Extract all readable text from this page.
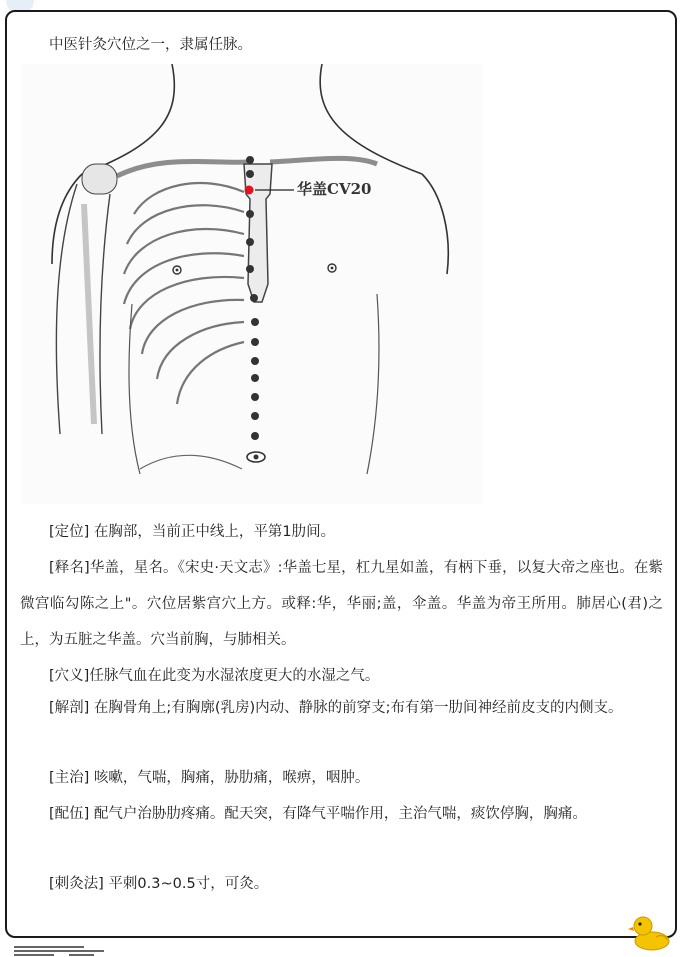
中医针灸穴位之一，隶属任脉。

华盖CV20

[定位] 在胸部，当前正中线上，平第1肋间。

[释名]华盖，星名。《宋史·天文志》:华盖七星，杠九星如盖，有柄下垂，以复大帝之座也。在紫微宫临勾陈之上"。穴位居紫宫穴上方。或释:华，华丽;盖，伞盖。华盖为帝王所用。肺居心(君)之上，为五脏之华盖。穴当前胸，与肺相关。

[穴义]任脉气血在此变为水湿浓度更大的水湿之气。

[解剖] 在胸骨角上;有胸廓(乳房)内动、静脉的前穿支;布有第一肋间神经前皮支的内侧支。

[主治] 咳嗽，气喘，胸痛，胁肋痛，喉痹，咽肿。

[配伍] 配气户治胁肋疼痛。配天突，有降气平喘作用，主治气喘，痰饮停胸，胸痛。

[刺灸法] 平刺0.3~0.5寸，可灸。
